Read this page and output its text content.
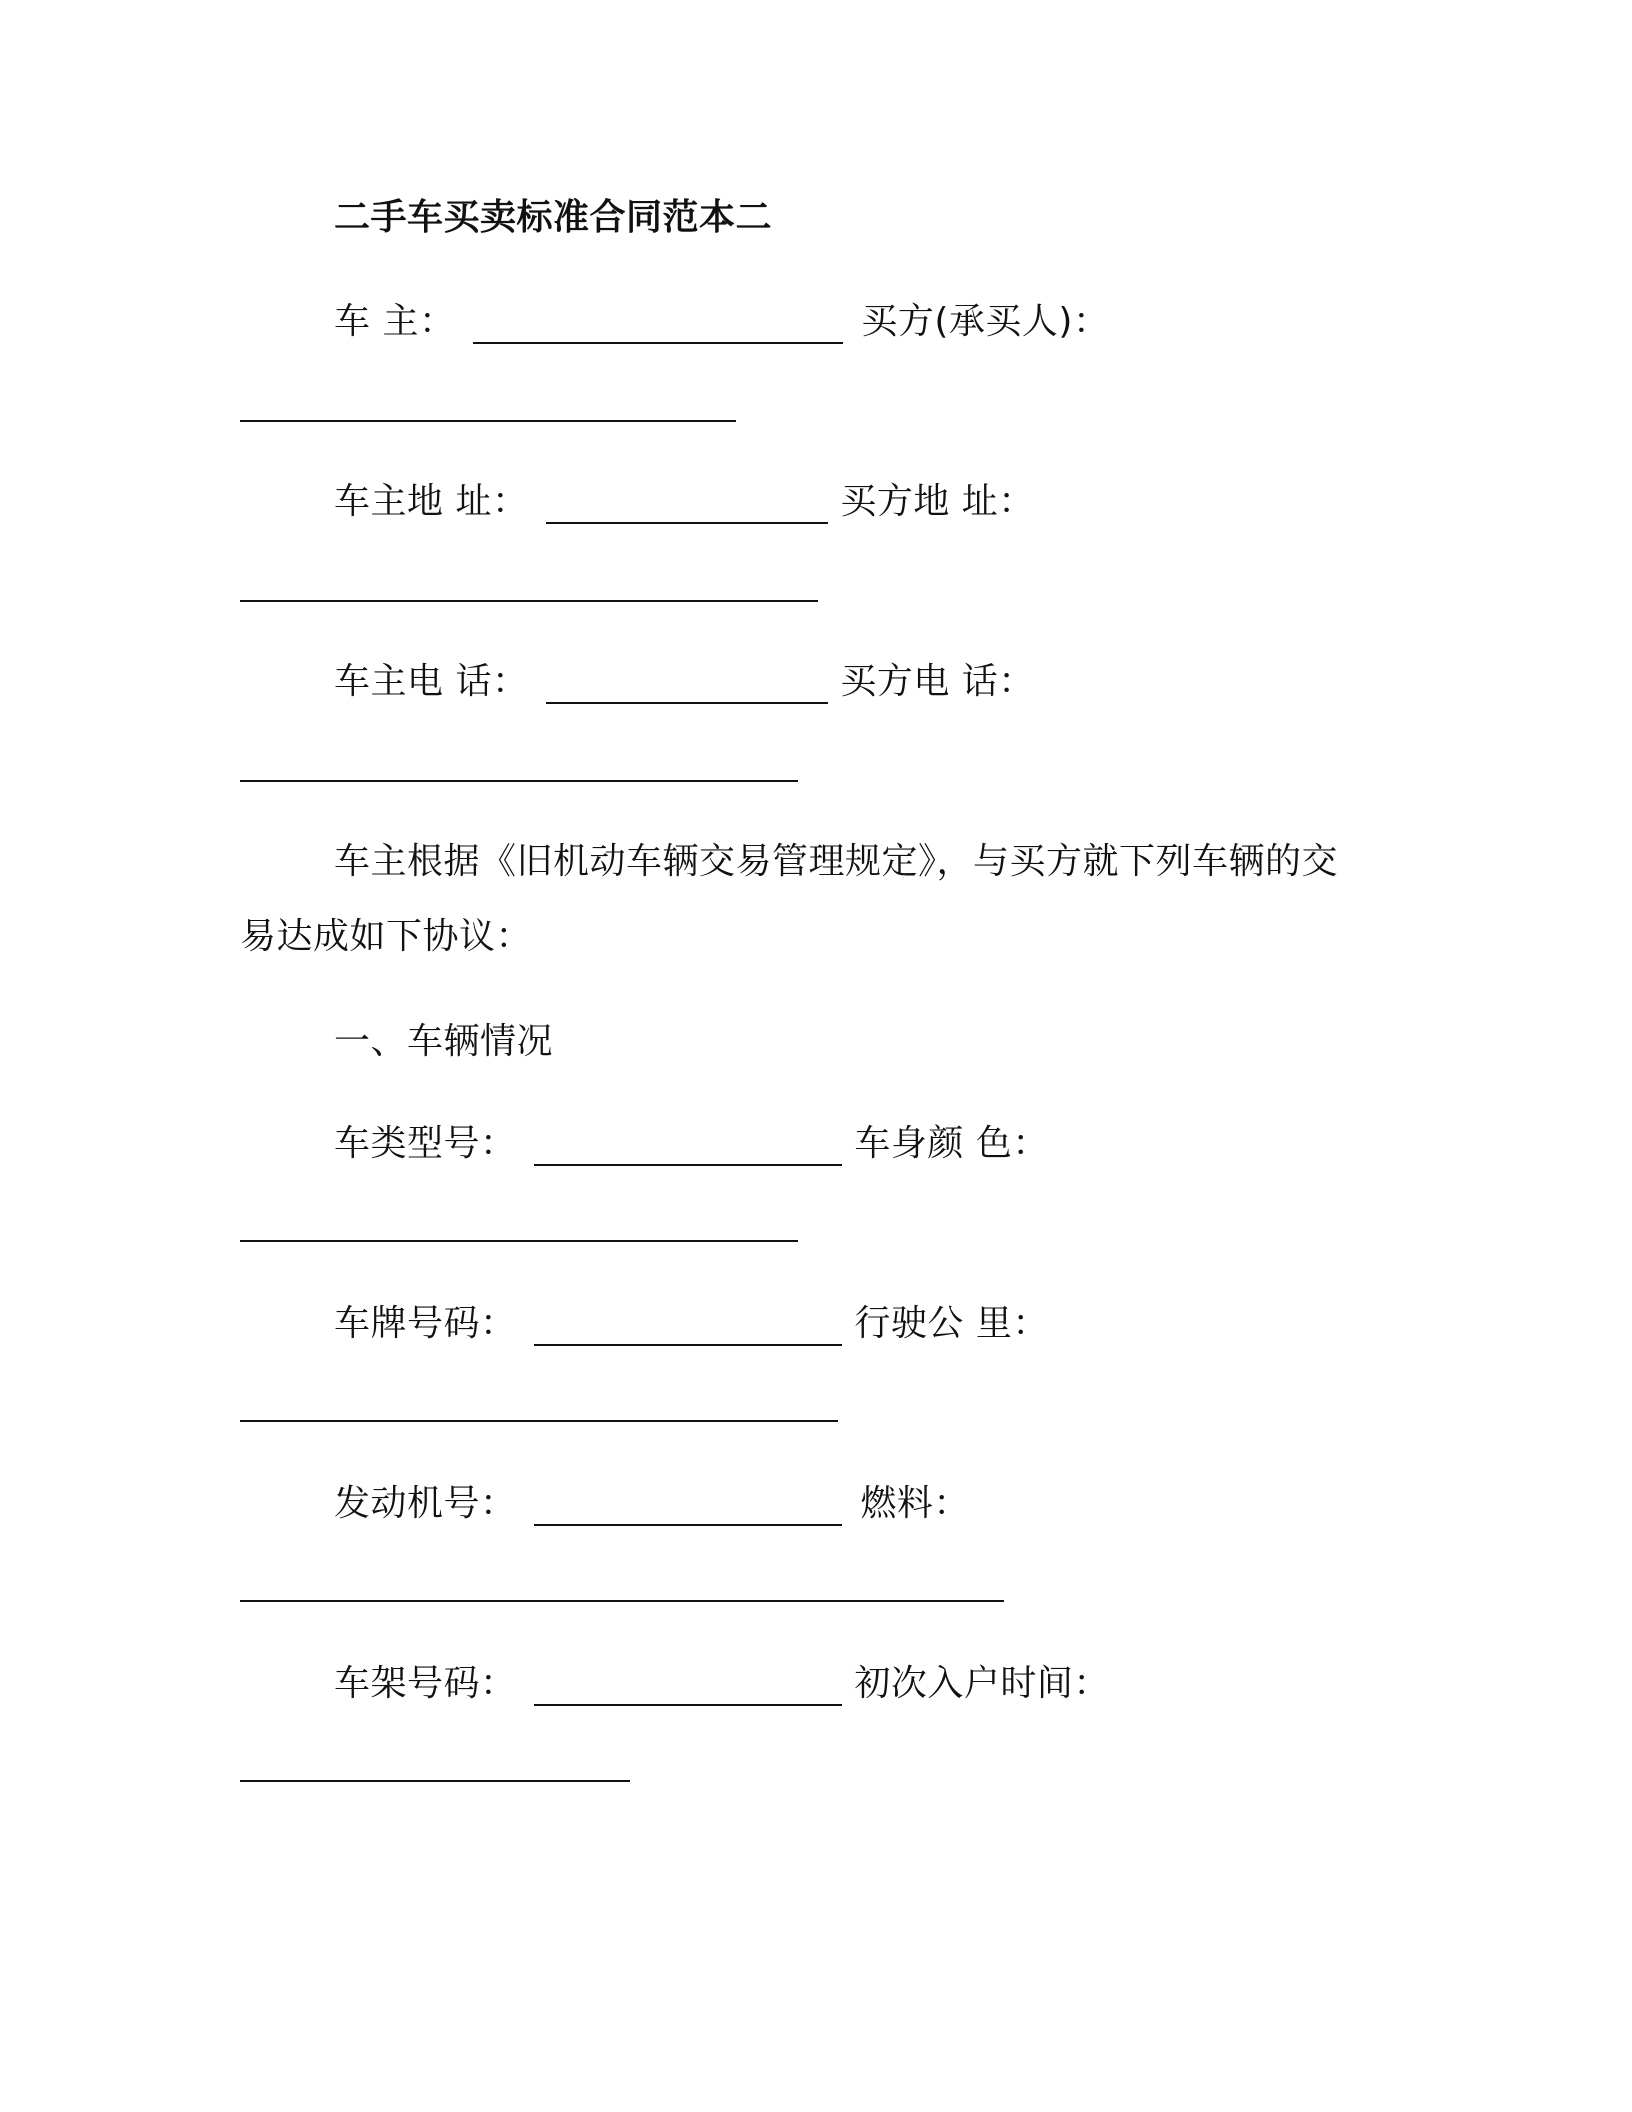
二手车买卖标准合同范本二
车 主：	买方(承买人)：
车主地 址：	买方地 址：
车主电 话：	买方电 话：
车主根据《旧机动车辆交易管理规定》，与买方就下列车辆的交
易达成如下协议：
一、车辆情况
车类型号：	车身颜 色：
车牌号码：	行驶公 里：
发动机号：	燃料：
车架号码：	初次入户时间：
